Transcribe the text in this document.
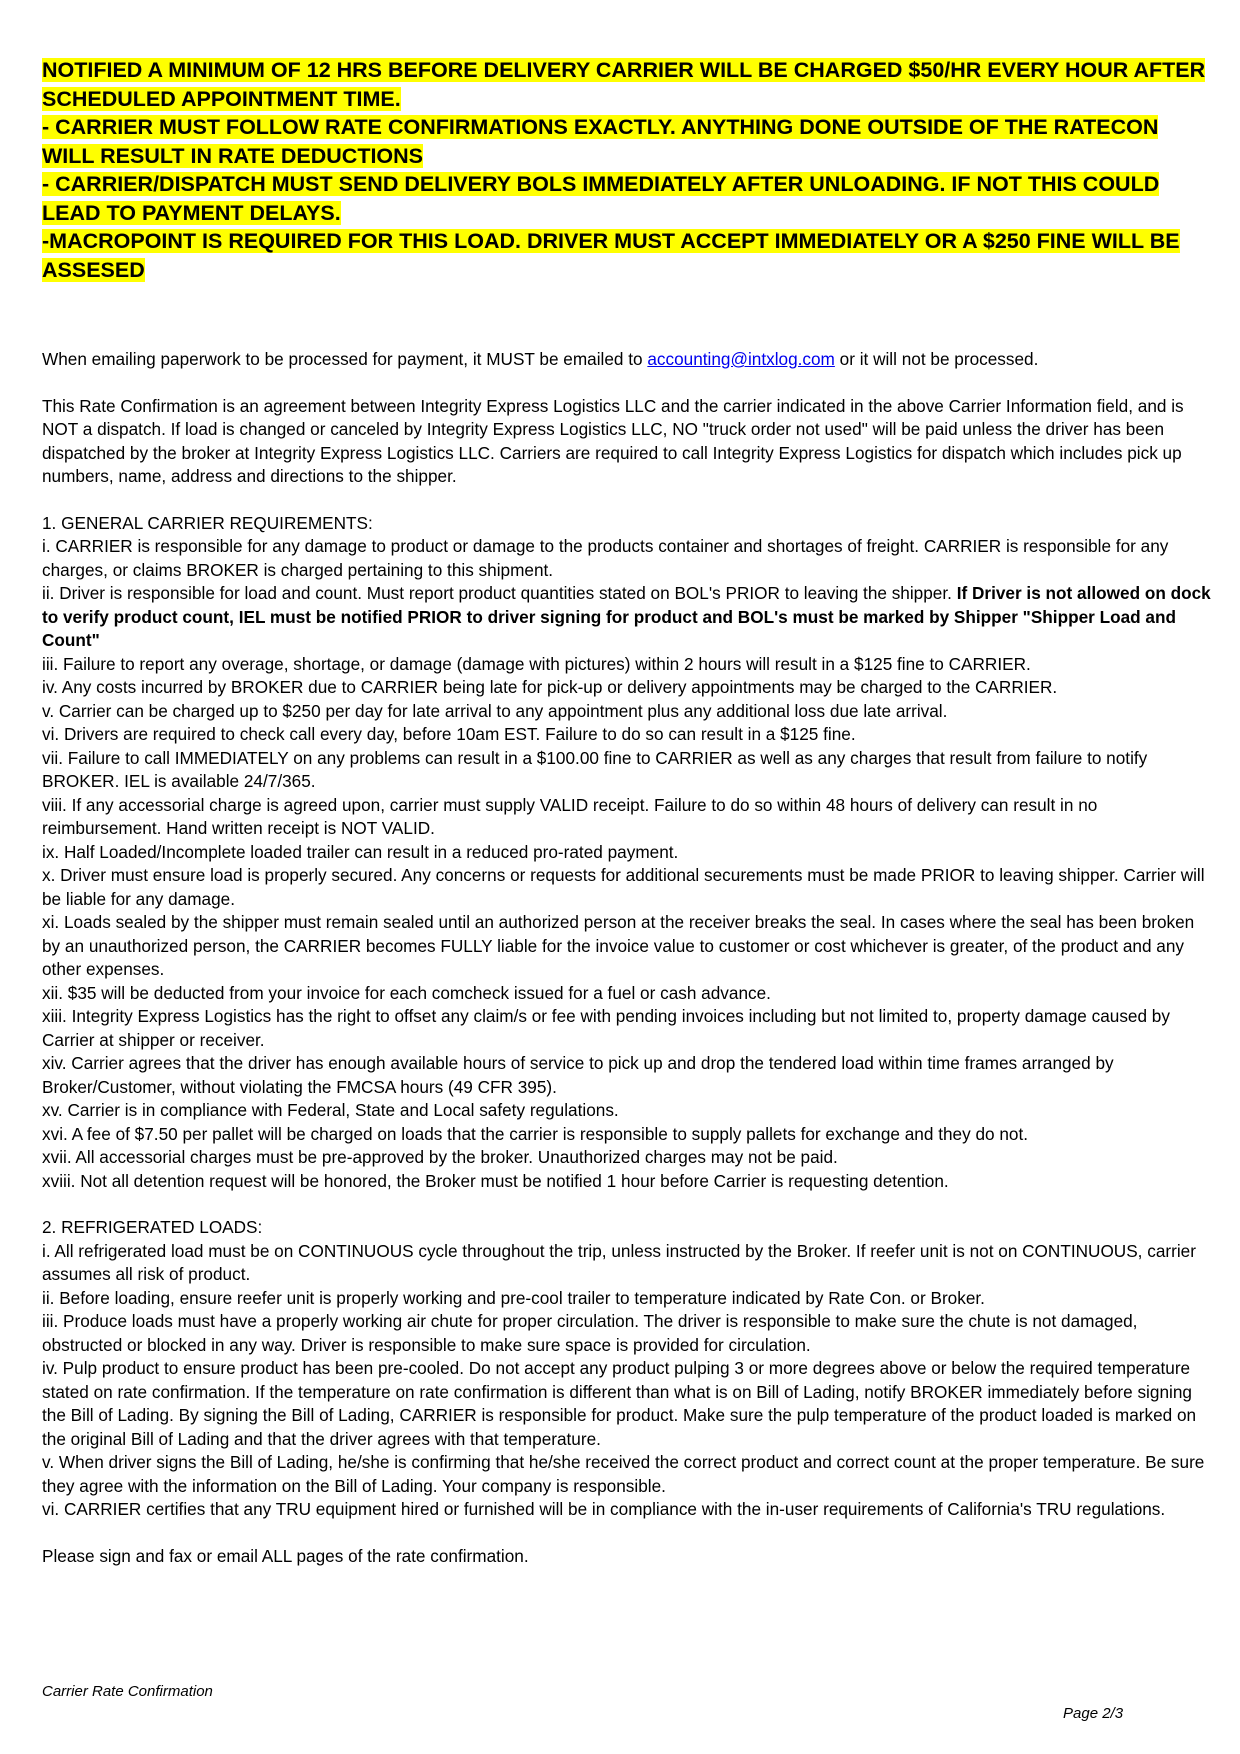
NOTIFIED A MINIMUM OF 12 HRS BEFORE DELIVERY CARRIER WILL BE CHARGED $50/HR EVERY HOUR AFTER SCHEDULED APPOINTMENT TIME.
- CARRIER MUST FOLLOW RATE CONFIRMATIONS EXACTLY. ANYTHING DONE OUTSIDE OF THE RATECON WILL RESULT IN RATE DEDUCTIONS
- CARRIER/DISPATCH MUST SEND DELIVERY BOLS IMMEDIATELY AFTER UNLOADING. IF NOT THIS COULD LEAD TO PAYMENT DELAYS.
-MACROPOINT IS REQUIRED FOR THIS LOAD. DRIVER MUST ACCEPT IMMEDIATELY OR A $250 FINE WILL BE ASSESED

When emailing paperwork to be processed for payment, it MUST be emailed to accounting@intxlog.com or it will not be processed.

This Rate Confirmation is an agreement between Integrity Express Logistics LLC and the carrier indicated in the above Carrier Information field, and is NOT a dispatch. If load is changed or canceled by Integrity Express Logistics LLC, NO "truck order not used" will be paid unless the driver has been dispatched by the broker at Integrity Express Logistics LLC. Carriers are required to call Integrity Express Logistics for dispatch which includes pick up numbers, name, address and directions to the shipper.

1. GENERAL CARRIER REQUIREMENTS:

i. CARRIER is responsible for any damage to product or damage to the products container and shortages of freight. CARRIER is responsible for any charges, or claims BROKER is charged pertaining to this shipment.

ii. Driver is responsible for load and count. Must report product quantities stated on BOL's PRIOR to leaving the shipper. If Driver is not allowed on dock to verify product count, IEL must be notified PRIOR to driver signing for product and BOL's must be marked by Shipper "Shipper Load and Count"

iii. Failure to report any overage, shortage, or damage (damage with pictures) within 2 hours will result in a $125 fine to CARRIER.

iv. Any costs incurred by BROKER due to CARRIER being late for pick-up or delivery appointments may be charged to the CARRIER.

v. Carrier can be charged up to $250 per day for late arrival to any appointment plus any additional loss due late arrival.

vi. Drivers are required to check call every day, before 10am EST. Failure to do so can result in a $125 fine.

vii. Failure to call IMMEDIATELY on any problems can result in a $100.00 fine to CARRIER as well as any charges that result from failure to notify BROKER. IEL is available 24/7/365.

viii. If any accessorial charge is agreed upon, carrier must supply VALID receipt. Failure to do so within 48 hours of delivery can result in no reimbursement. Hand written receipt is NOT VALID.

ix. Half Loaded/Incomplete loaded trailer can result in a reduced pro-rated payment.

x. Driver must ensure load is properly secured. Any concerns or requests for additional securements must be made PRIOR to leaving shipper. Carrier will be liable for any damage.

xi. Loads sealed by the shipper must remain sealed until an authorized person at the receiver breaks the seal. In cases where the seal has been broken by an unauthorized person, the CARRIER becomes FULLY liable for the invoice value to customer or cost whichever is greater, of the product and any other expenses.

xii. $35 will be deducted from your invoice for each comcheck issued for a fuel or cash advance.

xiii. Integrity Express Logistics has the right to offset any claim/s or fee with pending invoices including but not limited to, property damage caused by Carrier at shipper or receiver.

xiv. Carrier agrees that the driver has enough available hours of service to pick up and drop the tendered load within time frames arranged by Broker/Customer, without violating the FMCSA hours (49 CFR 395).

xv. Carrier is in compliance with Federal, State and Local safety regulations.

xvi. A fee of $7.50 per pallet will be charged on loads that the carrier is responsible to supply pallets for exchange and they do not.

xvii. All accessorial charges must be pre-approved by the broker. Unauthorized charges may not be paid.

xviii. Not all detention request will be honored, the Broker must be notified 1 hour before Carrier is requesting detention.

2. REFRIGERATED LOADS:

i. All refrigerated load must be on CONTINUOUS cycle throughout the trip, unless instructed by the Broker. If reefer unit is not on CONTINUOUS, carrier assumes all risk of product.

ii. Before loading, ensure reefer unit is properly working and pre-cool trailer to temperature indicated by Rate Con. or Broker.

iii. Produce loads must have a properly working air chute for proper circulation. The driver is responsible to make sure the chute is not damaged, obstructed or blocked in any way. Driver is responsible to make sure space is provided for circulation.

iv. Pulp product to ensure product has been pre-cooled. Do not accept any product pulping 3 or more degrees above or below the required temperature stated on rate confirmation. If the temperature on rate confirmation is different than what is on Bill of Lading, notify BROKER immediately before signing the Bill of Lading. By signing the Bill of Lading, CARRIER is responsible for product. Make sure the pulp temperature of the product loaded is marked on the original Bill of Lading and that the driver agrees with that temperature.

v. When driver signs the Bill of Lading, he/she is confirming that he/she received the correct product and correct count at the proper temperature. Be sure they agree with the information on the Bill of Lading. Your company is responsible.

vi. CARRIER certifies that any TRU equipment hired or furnished will be in compliance with the in-user requirements of California's TRU regulations.

Please sign and fax or email ALL pages of the rate confirmation.

Carrier Rate Confirmation
Page 2/3
